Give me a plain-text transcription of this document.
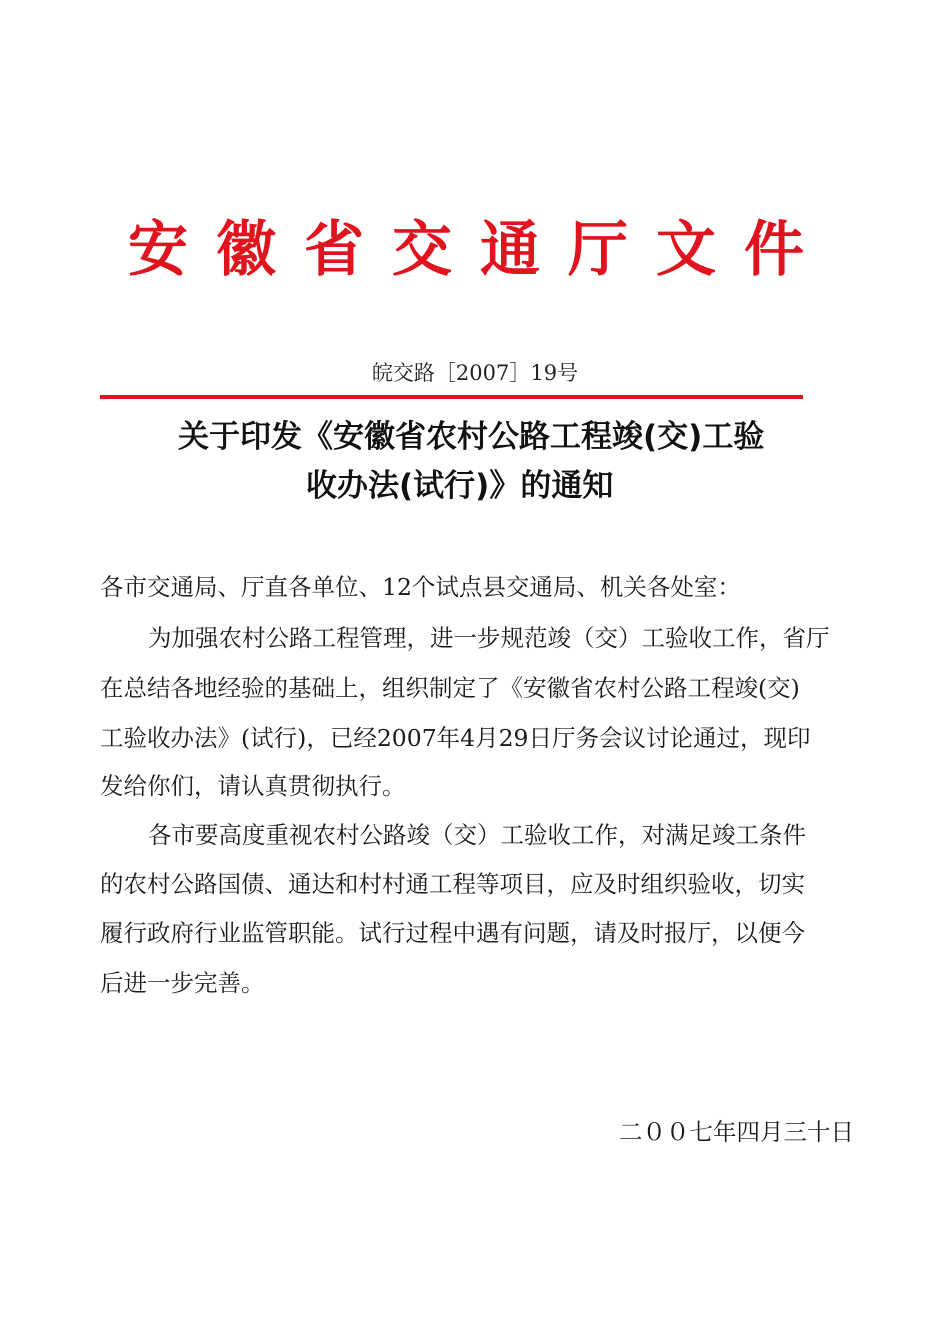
安徽省交通厅文件
皖交路［2007］19号
关于印发《安徽省农村公路工程竣(交)工验
收办法(试行)》的通知
各市交通局、厅直各单位、12个试点县交通局、机关各处室：
为加强农村公路工程管理，进一步规范竣（交）工验收工作，省厅
在总结各地经验的基础上，组织制定了《安徽省农村公路工程竣(交)
工验收办法》(试行)，已经2007年4月29日厅务会议讨论通过，现印
发给你们，请认真贯彻执行。
各市要高度重视农村公路竣（交）工验收工作，对满足竣工条件
的农村公路国债、通达和村村通工程等项目，应及时组织验收，切实
履行政府行业监管职能。试行过程中遇有问题，请及时报厅，以便今
后进一步完善。
二００七年四月三十日
